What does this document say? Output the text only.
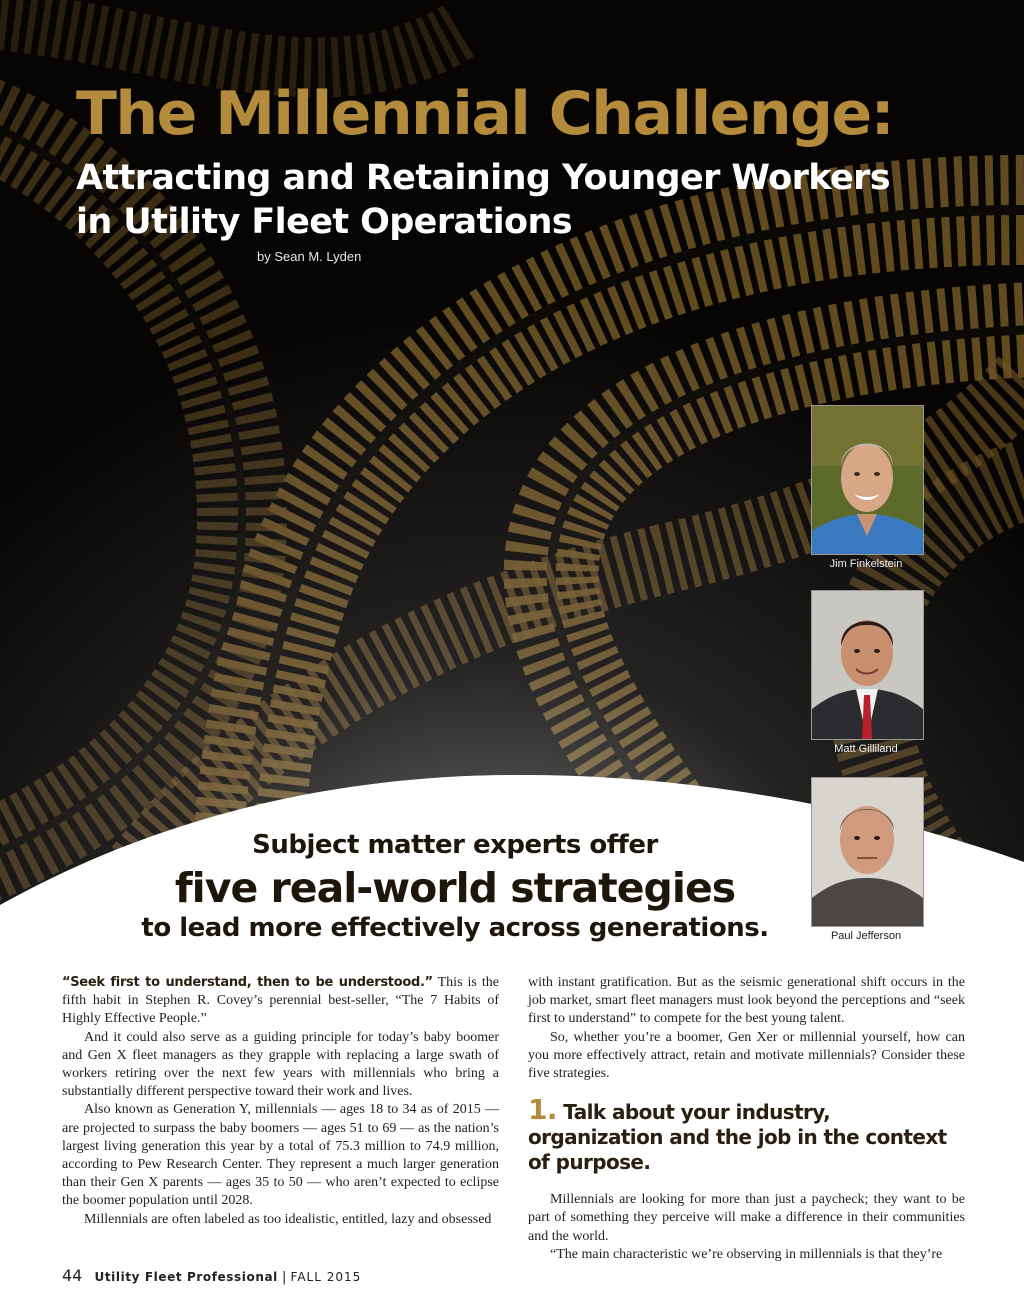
The Millennial Challenge:
Attracting and Retaining Younger Workers
in Utility Fleet Operations
by Sean M. Lyden
Jim Finkelstein
Matt Gilliland
Subject matter experts offer
five real-world strategies
to lead more effectively across generations.	Paul Jefferson

“Seek first to understand, then to be understood.” This is the fifth habit in Stephen R. Covey’s perennial best-seller, “The 7 Habits of Highly Effective People.”

And it could also serve as a guiding principle for today’s baby boomer and Gen X fleet managers as they grapple with replacing a large swath of workers retiring over the next few years with millennials who bring a substantially different perspective toward their work and lives.

Also known as Generation Y, millennials — ages 18 to 34 as of 2015 — are projected to surpass the baby boomers — ages 51 to 69 — as the nation’s largest living generation this year by a total of 75.3 million to 74.9 million, according to Pew Research Center. They represent a much larger generation than their Gen X parents — ages 35 to 50 — who aren’t expected to eclipse the boomer population until 2028.

Millennials are often labeled as too idealistic, entitled, lazy and obsessed

with instant gratification. But as the seismic generational shift occurs in the job market, smart fleet managers must look beyond the perceptions and “seek first to understand” to compete for the best young talent.

So, whether you’re a boomer, Gen Xer or millennial yourself, how can you more effectively attract, retain and motivate millennials? Consider these five strategies.

1. Talk about your industry, organization and the job in the context of purpose.

Millennials are looking for more than just a paycheck; they want to be part of something they perceive will make a difference in their communities and the world.

“The main characteristic we’re observing in millennials is that they’re

44 Utility Fleet Professional | FALL 2015
